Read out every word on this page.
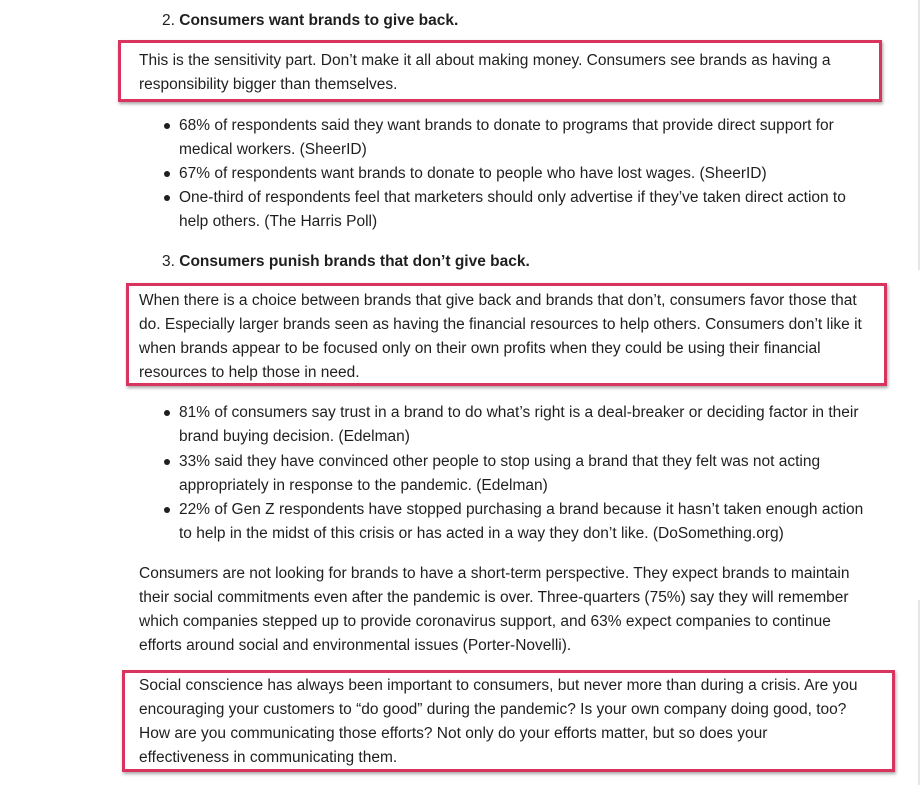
2. Consumers want brands to give back.
This is the sensitivity part. Don’t make it all about making money. Consumers see brands as having a
responsibility bigger than themselves.
68% of respondents said they want brands to donate to programs that provide direct support for
medical workers. (SheerID)
67% of respondents want brands to donate to people who have lost wages. (SheerID)
One-third of respondents feel that marketers should only advertise if they’ve taken direct action to
help others. (The Harris Poll)
3. Consumers punish brands that don’t give back.
When there is a choice between brands that give back and brands that don’t, consumers favor those that
do. Especially larger brands seen as having the financial resources to help others. Consumers don’t like it
when brands appear to be focused only on their own profits when they could be using their financial
resources to help those in need.
81% of consumers say trust in a brand to do what’s right is a deal-breaker or deciding factor in their
brand buying decision. (Edelman)
33% said they have convinced other people to stop using a brand that they felt was not acting
appropriately in response to the pandemic. (Edelman)
22% of Gen Z respondents have stopped purchasing a brand because it hasn’t taken enough action
to help in the midst of this crisis or has acted in a way they don’t like. (DoSomething.org)
Consumers are not looking for brands to have a short-term perspective. They expect brands to maintain
their social commitments even after the pandemic is over. Three-quarters (75%) say they will remember
which companies stepped up to provide coronavirus support, and 63% expect companies to continue
efforts around social and environmental issues (Porter-Novelli).
Social conscience has always been important to consumers, but never more than during a crisis. Are you
encouraging your customers to “do good” during the pandemic? Is your own company doing good, too?
How are you communicating those efforts? Not only do your efforts matter, but so does your
effectiveness in communicating them.
